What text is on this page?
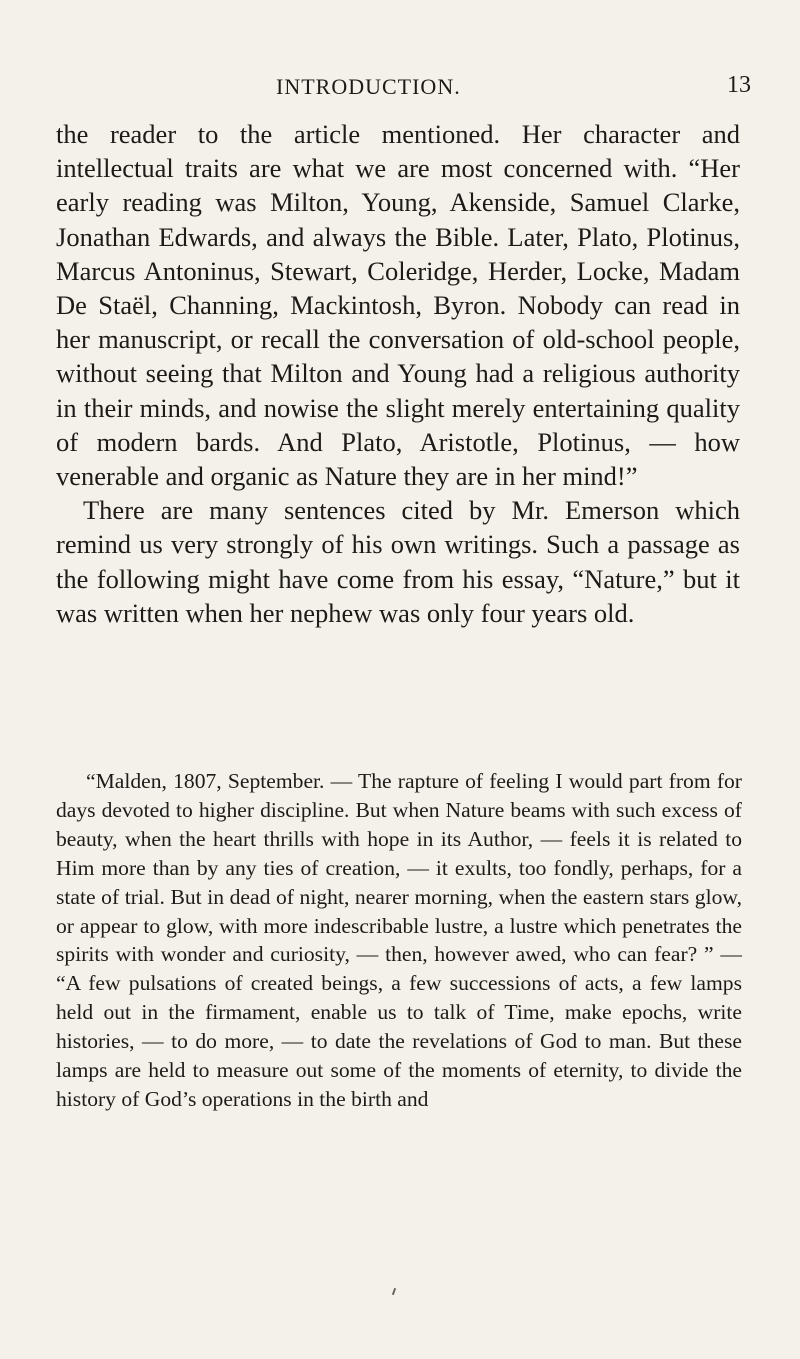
INTRODUCTION.	13

the reader to the article mentioned. Her character and intellectual traits are what we are most concerned with. “Her early reading was Milton, Young, Akenside, Samuel Clarke, Jonathan Edwards, and always the Bible. Later, Plato, Plotinus, Marcus Antoninus, Stewart, Coleridge, Herder, Locke, Madam De Staël, Channing, Mackintosh, Byron. Nobody can read in her manuscript, or recall the conversation of old-school people, without seeing that Milton and Young had a religious authority in their minds, and nowise the slight merely entertaining quality of modern bards. And Plato, Aristotle, Plotinus, — how venerable and organic as Nature they are in her mind!”

There are many sentences cited by Mr. Emerson which remind us very strongly of his own writings. Such a passage as the following might have come from his essay, “Nature,” but it was written when her nephew was only four years old.

“Malden, 1807, September. — The rapture of feeling I would part from for days devoted to higher discipline. But when Nature beams with such excess of beauty, when the heart thrills with hope in its Author, — feels it is related to Him more than by any ties of creation, — it exults, too fondly, perhaps, for a state of trial. But in dead of night, nearer morning, when the eastern stars glow, or appear to glow, with more indescribable lustre, a lustre which penetrates the spirits with wonder and curiosity, — then, however awed, who can fear? ” — “A few pulsations of created beings, a few successions of acts, a few lamps held out in the firmament, enable us to talk of Time, make epochs, write histories, — to do more, — to date the revelations of God to man. But these lamps are held to measure out some of the moments of eternity, to divide the history of God’s operations in the birth and
